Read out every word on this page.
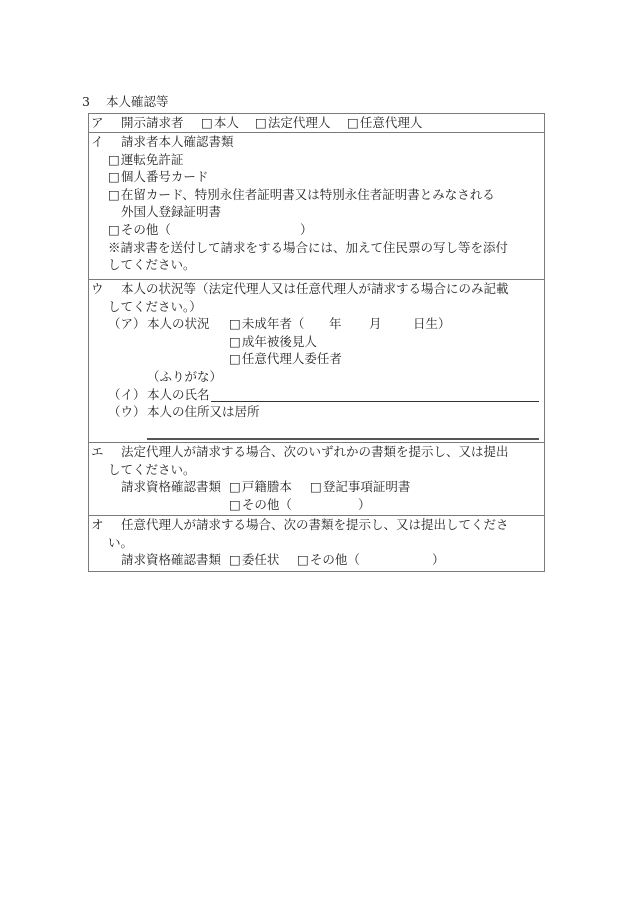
3 本人確認等
ア 開示請求者 □本人 □法定代理人 □任意代理人
イ 請求者本人確認書類
□運転免許証
□個人番号カード
□在留カード、特別永住者証明書又は特別永住者証明書とみなされる
外国人登録証明書
□その他（	）
※請求書を送付して請求をする場合には、加えて住民票の写し等を添付
してください。
ウ 本人の状況等（法定代理人又は任意代理人が請求する場合にのみ記載
してください。）
（ア） 本人の状況 □未成年者（ 年 月	日生）
□成年被後見人
□任意代理人委任者
（ふりがな）
（イ） 本人の氏名
（ウ） 本人の住所又は居所
エ 法定代理人が請求する場合、次のいずれかの書類を提示し、又は提出
してください。
請求資格確認書類 □戸籍謄本 □登記事項証明書
□その他（	）
オ 任意代理人が請求する場合、次の書類を提示し、又は提出してくださ
い。
請求資格確認書類 □委任状 □その他（	）
